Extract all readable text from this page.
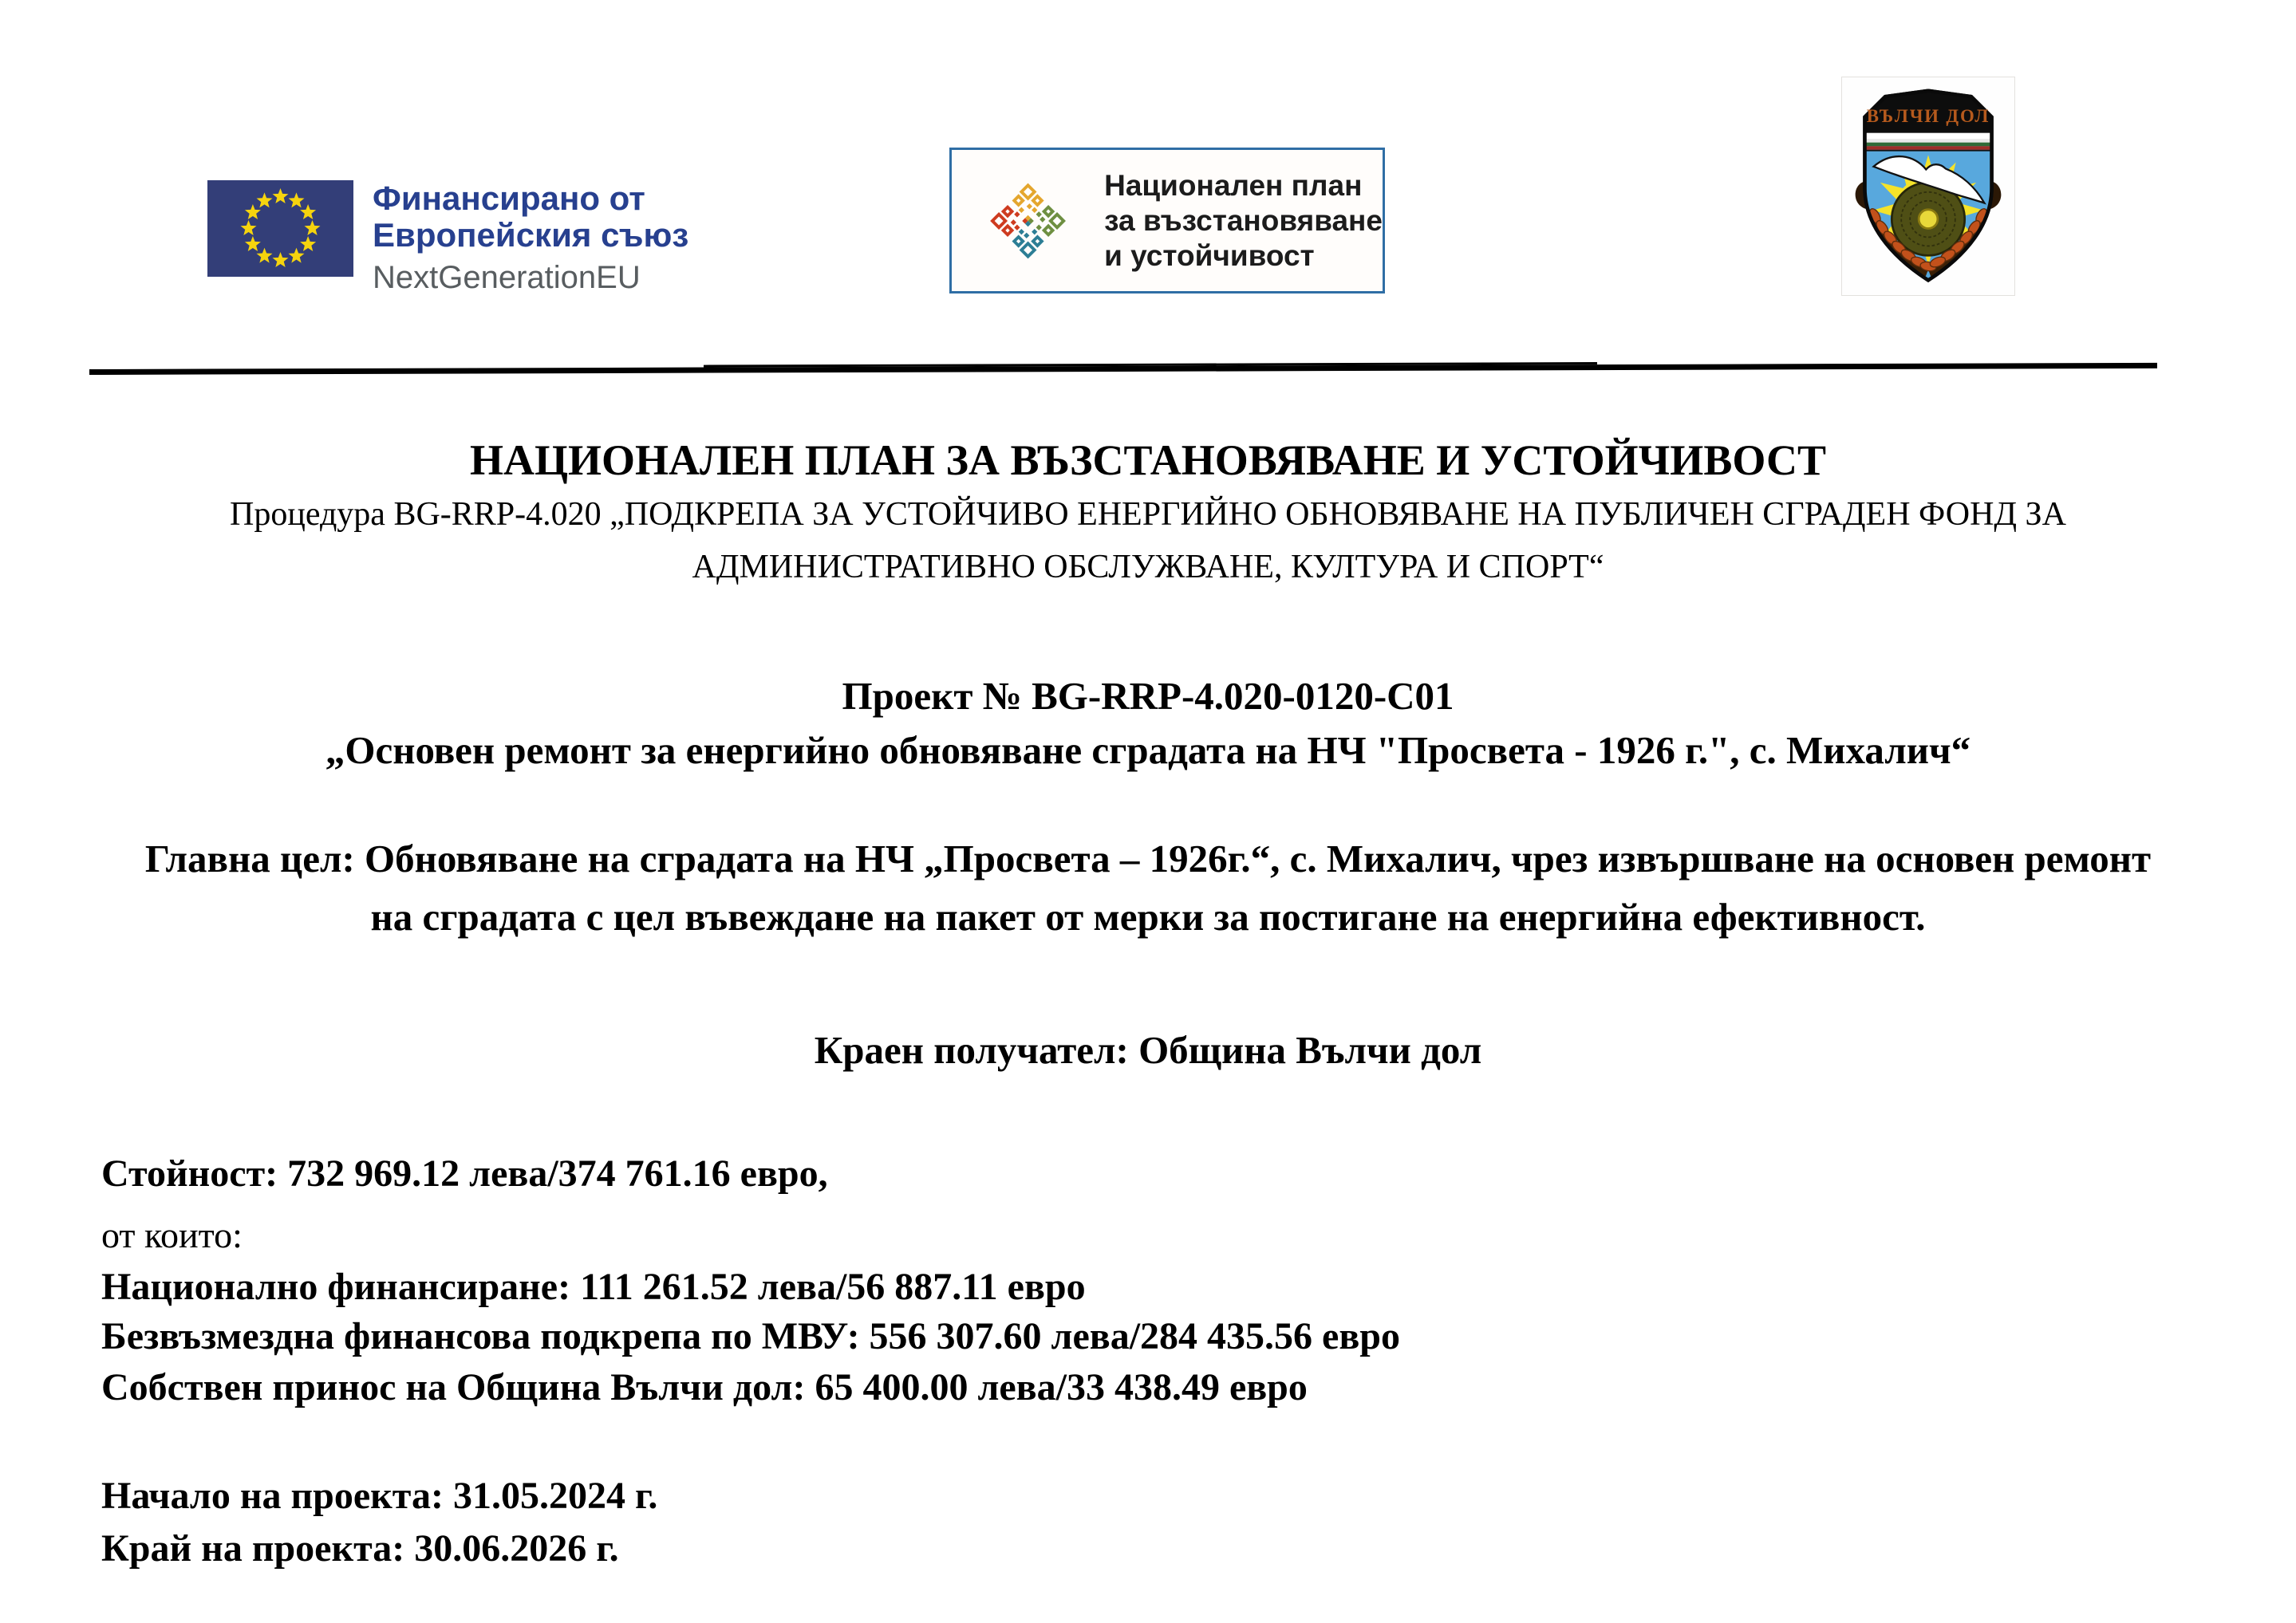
Финансирано от
Европейския съюз
NextGenerationEU
Национален план
за възстановяване
и устойчивост
ВЪЛЧИ ДОЛ
НАЦИОНАЛЕН ПЛАН ЗА ВЪЗСТАНОВЯВАНЕ И УСТОЙЧИВОСТ
Процедура BG-RRP-4.020 „ПОДКРЕПА ЗА УСТОЙЧИВО ЕНЕРГИЙНО ОБНОВЯВАНЕ НА ПУБЛИЧЕН СГРАДЕН ФОНД ЗА АДМИНИСТРАТИВНО ОБСЛУЖВАНЕ, КУЛТУРА И СПОРТ“
Проект № BG-RRP-4.020-0120-C01
„Основен ремонт за енергийно обновяване сградата на НЧ "Просвета - 1926 г.", с. Михалич“
Главна цел: Обновяване на сградата на НЧ „Просвета – 1926г.“, с. Михалич, чрез извършване на основен ремонт на сградата с цел въвеждане на пакет от мерки за постигане на енергийна ефективност.
Краен получател: Община Вълчи дол
Стойност: 732 969.12 лева/374 761.16 евро,
от които:
Национално финансиране: 111 261.52 лева/56 887.11 евро
Безвъзмездна финансова подкрепа по МВУ: 556 307.60 лева/284 435.56 евро
Собствен принос на Община Вълчи дол: 65 400.00 лева/33 438.49 евро
Начало на проекта: 31.05.2024 г.
Край на проекта: 30.06.2026 г.
